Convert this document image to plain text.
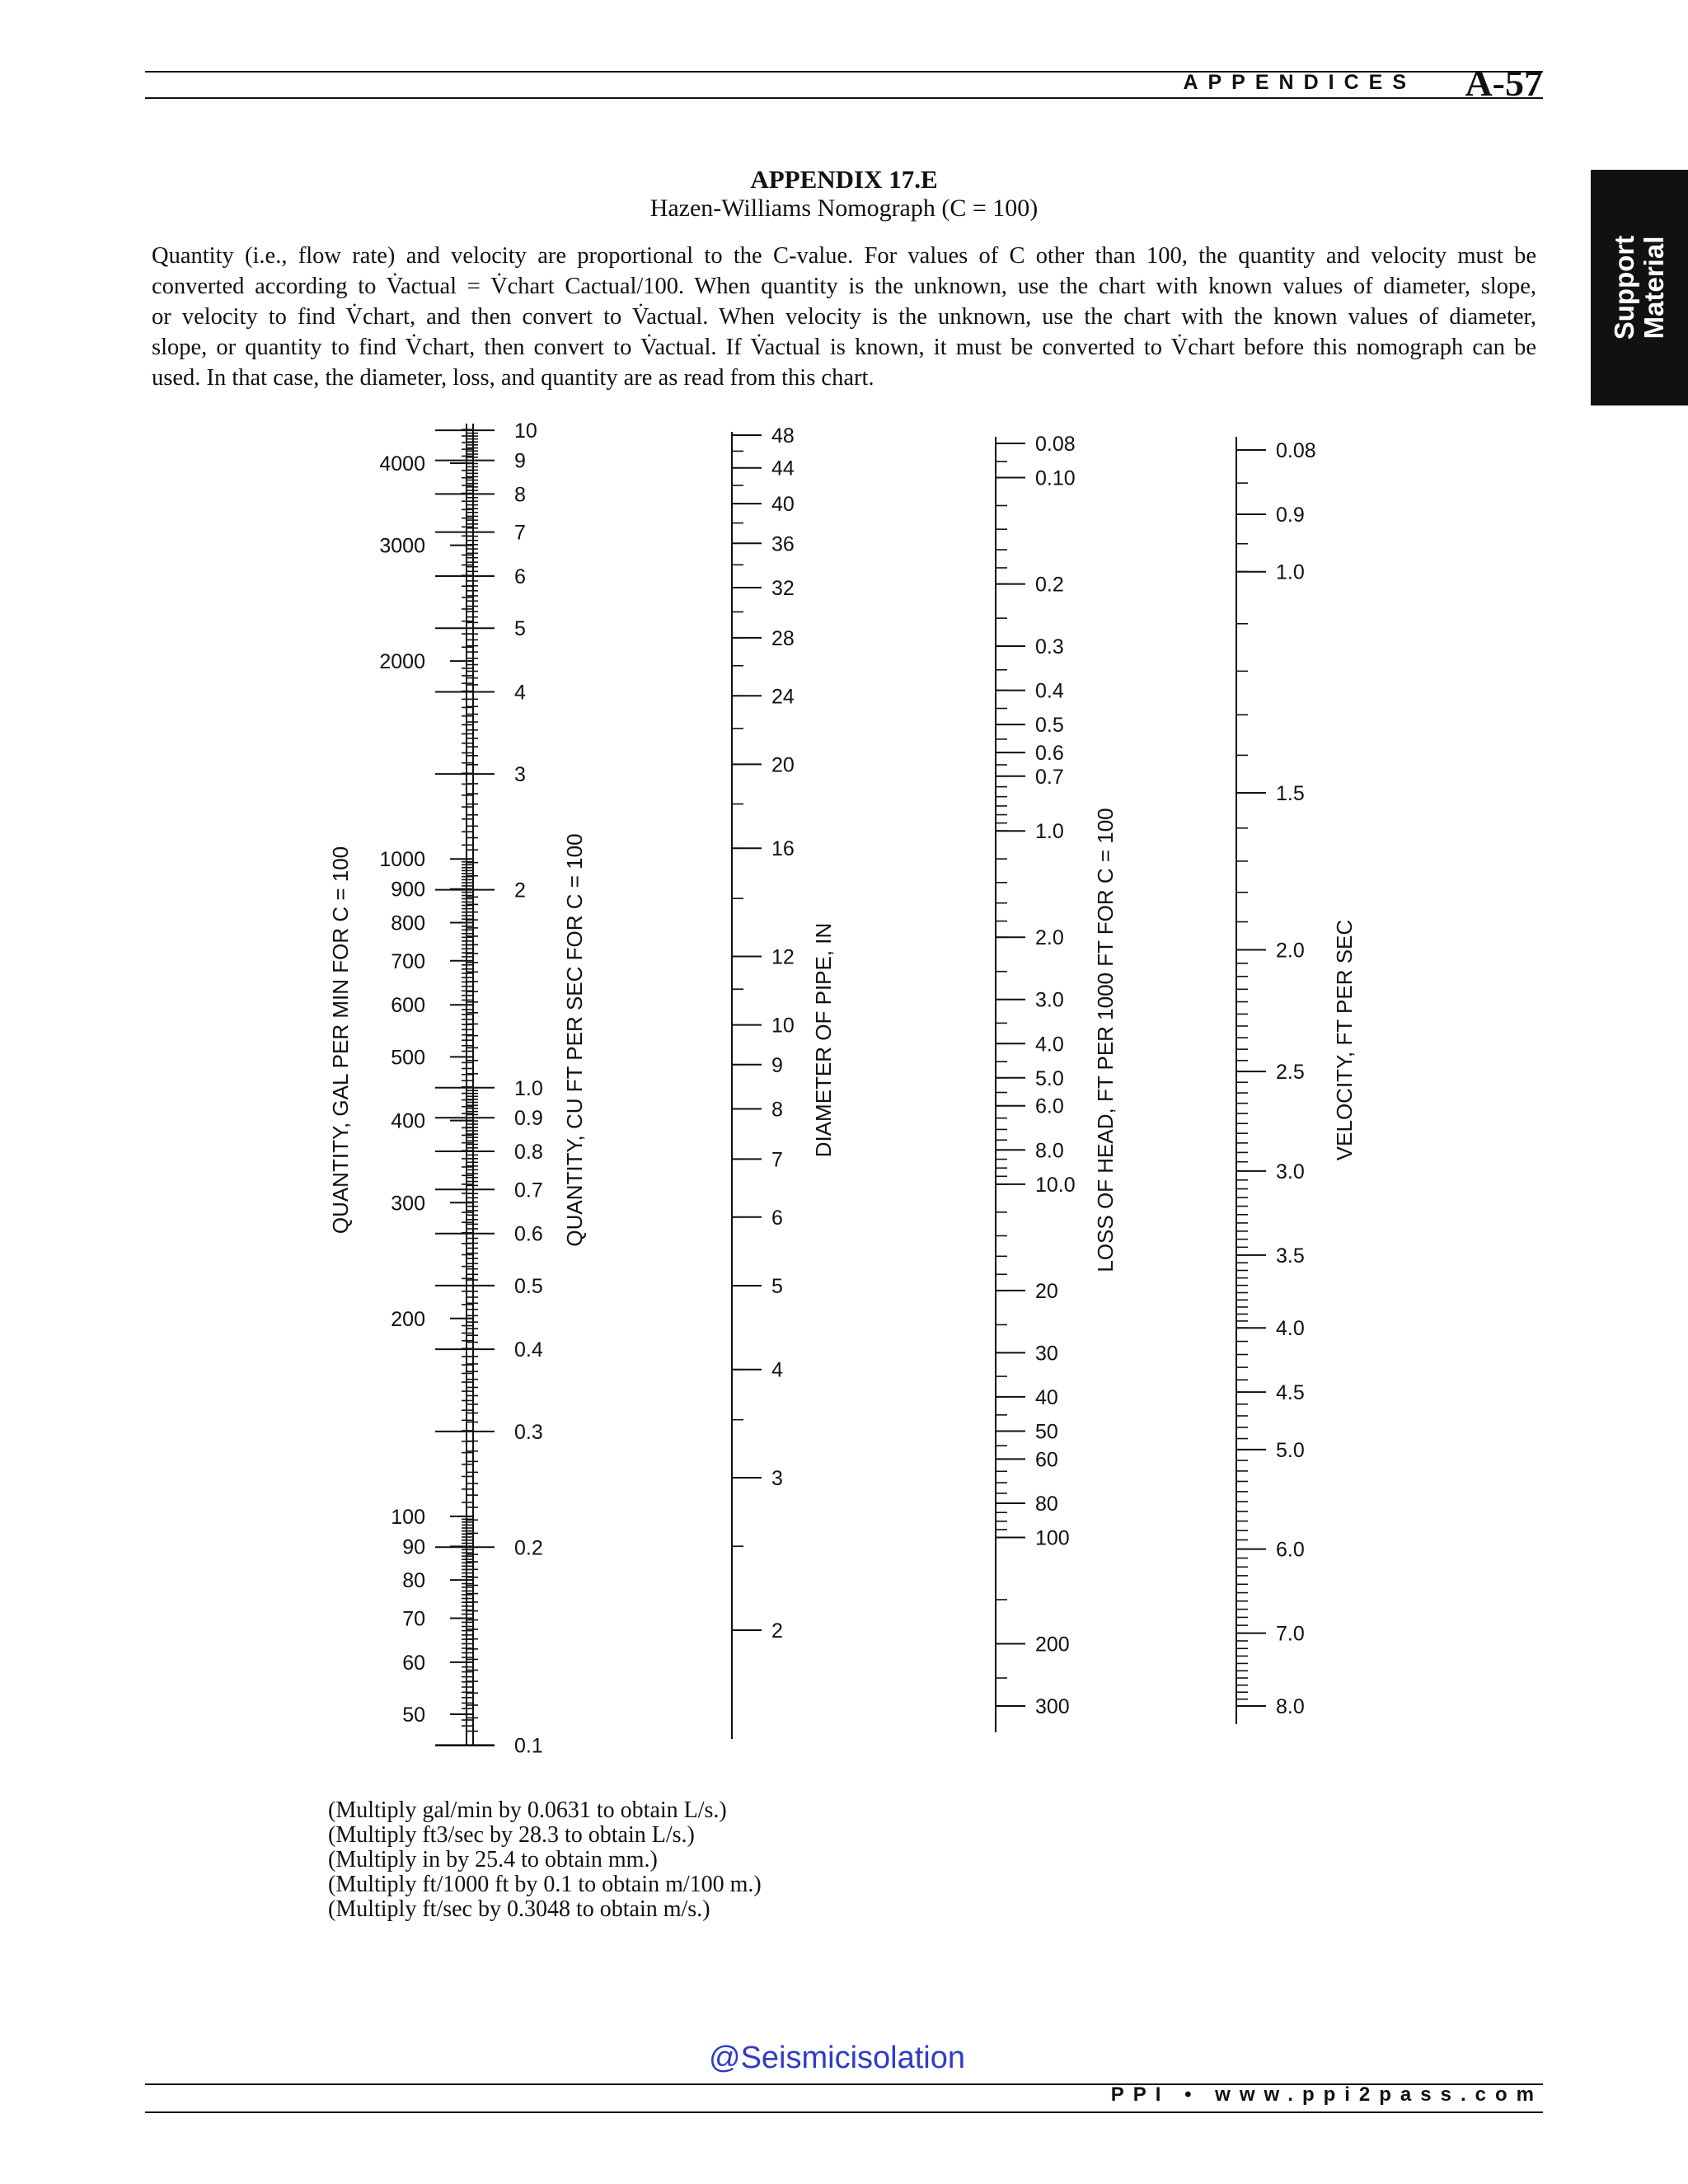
APPENDICES A-57
Support Material
APPENDIX 17.E
Hazen-Williams Nomograph (C = 100)
Quantity (i.e., flow rate) and velocity are proportional to the C-value. For values of C other than 100, the quantity and velocity must be
converted according to V̇actual = V̇chart Cactual/100. When quantity is the unknown, use the chart with known values of diameter, slope,
or velocity to find V̇chart, and then convert to V̇actual. When velocity is the unknown, use the chart with the known values of diameter,
slope, or quantity to find V̇chart, then convert to V̇actual. If V̇actual is known, it must be converted to V̇chart before this nomograph can be
used. In that case, the diameter, loss, and quantity are as read from this chart.
4000
3000
2000
1000
900
800
700
600
500
400
300
200
100
90
80
70
60
50
QUANTITY, GAL PER MIN FOR C = 100
10
9
8
7
6
5
4
3
2
1.0
0.9
0.8
0.7
0.6
0.5
0.4
0.3
0.2
0.1
QUANTITY, CU FT PER SEC FOR C = 100
48
44
40
36
32
28
24
20
16
12
10
9
8
7
6
5
4
3
2
DIAMETER OF PIPE, IN
0.08
0.10
0.2
0.3
0.4
0.5
0.6
0.7
1.0
2.0
3.0
4.0
5.0
6.0
8.0
10.0
20
30
40
50
60
80
100
200
300
LOSS OF HEAD, FT PER 1000 FT FOR C = 100
0.08
0.9
1.0
1.5
2.0
2.5
3.0
3.5
4.0
4.5
5.0
6.0
7.0
8.0
VELOCITY, FT PER SEC
(Multiply gal/min by 0.0631 to obtain L/s.)
(Multiply ft3/sec by 28.3 to obtain L/s.)
(Multiply in by 25.4 to obtain mm.)
(Multiply ft/1000 ft by 0.1 to obtain m/100 m.)
(Multiply ft/sec by 0.3048 to obtain m/s.)
@Seismicisolation
PPI • www.ppi2pass.com
